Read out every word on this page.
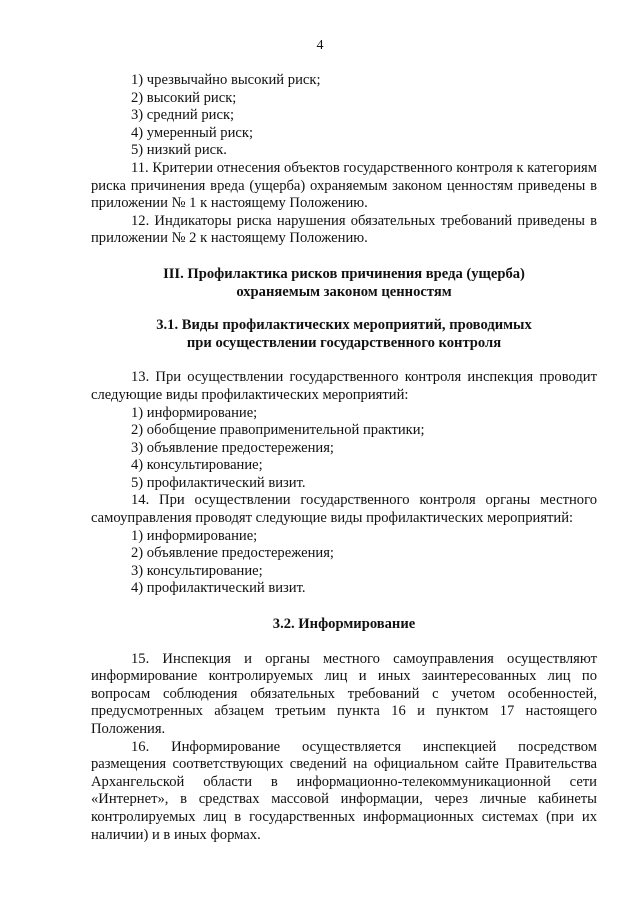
4

1) чрезвычайно высокий риск;

2) высокий риск;

3) средний риск;

4) умеренный риск;

5) низкий риск.

11. Критерии отнесения объектов государственного контроля к категориям риска причинения вреда (ущерба) охраняемым законом ценностям приведены в приложении № 1 к настоящему Положению.

12. Индикаторы риска нарушения обязательных требований приведены в приложении № 2 к настоящему Положению.

III. Профилактика рисков причинения вреда (ущерба)
охраняемым законом ценностям
3.1. Виды профилактических мероприятий, проводимых
при осуществлении государственного контроля

13. При осуществлении государственного контроля инспекция проводит следующие виды профилактических мероприятий:

1) информирование;

2) обобщение правоприменительной практики;

3) объявление предостережения;

4) консультирование;

5) профилактический визит.

14. При осуществлении государственного контроля органы местного самоуправления проводят следующие виды профилактических мероприятий:

1) информирование;

2) объявление предостережения;

3) консультирование;

4) профилактический визит.

3.2. Информирование

15. Инспекция и органы местного самоуправления осуществляют информирование контролируемых лиц и иных заинтересованных лиц по вопросам соблюдения обязательных требований с учетом особенностей, предусмотренных абзацем третьим пункта 16 и пунктом 17 настоящего Положения.

16. Информирование осуществляется инспекцией посредством размещения соответствующих сведений на официальном сайте Правительства Архангельской области в информационно-телекоммуникационной сети «Интернет», в средствах массовой информации, через личные кабинеты контролируемых лиц в государственных информационных системах (при их наличии) и в иных формах.
